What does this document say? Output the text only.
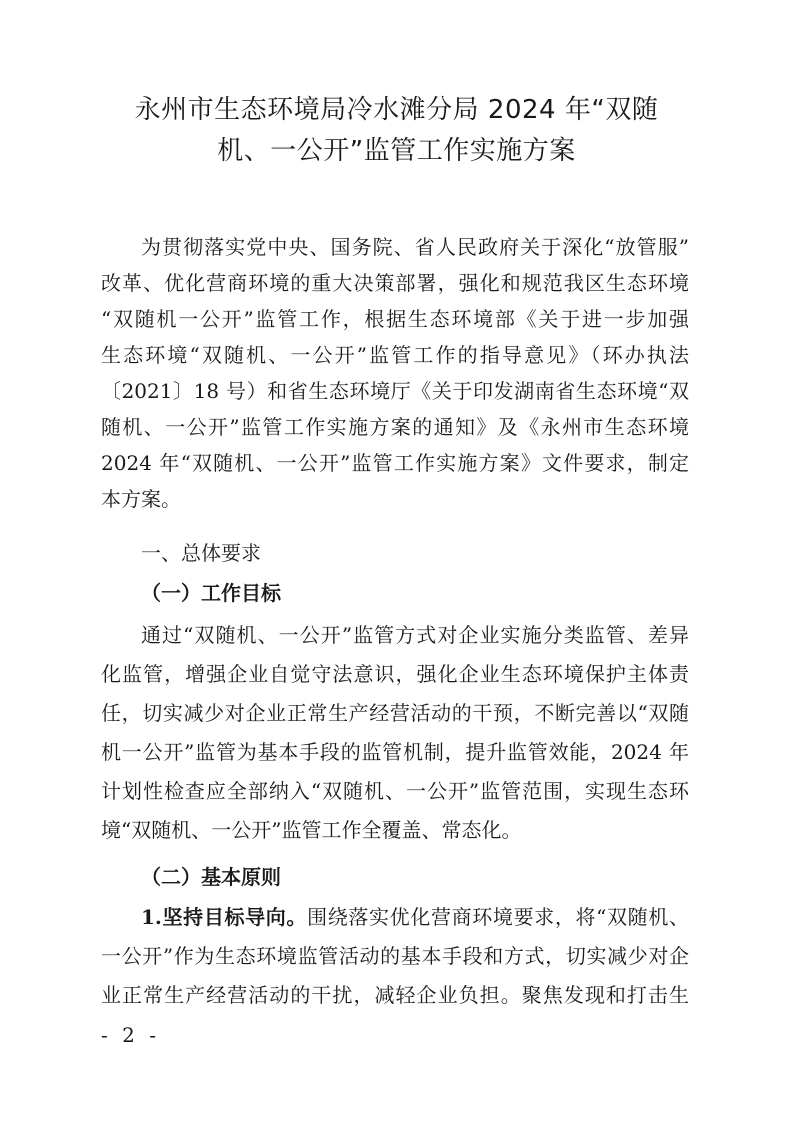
永州市生态环境局冷水滩分局 2024 年“双随
机、一公开”监管工作实施方案
为贯彻落实党中央、国务院、省人民政府关于深化“放管服”
改革、优化营商环境的重大决策部署，强化和规范我区生态环境
“双随机一公开”监管工作，根据生态环境部《关于进一步加强
生态环境“双随机、一公开”监管工作的指导意见》（环办执法
〔2021〕18 号）和省生态环境厅《关于印发湖南省生态环境“双
随机、一公开”监管工作实施方案的通知》及《永州市生态环境
2024 年“双随机、一公开”监管工作实施方案》文件要求，制定
本方案。
一、总体要求
（一）工作目标
通过“双随机、一公开”监管方式对企业实施分类监管、差异
化监管，增强企业自觉守法意识，强化企业生态环境保护主体责
任，切实减少对企业正常生产经营活动的干预，不断完善以“双随
机一公开”监管为基本手段的监管机制，提升监管效能，2024 年
计划性检查应全部纳入“双随机、一公开”监管范围，实现生态环
境“双随机、一公开”监管工作全覆盖、常态化。
（二）基本原则
1.坚持目标导向。围绕落实优化营商环境要求，将“双随机、
一公开”作为生态环境监管活动的基本手段和方式，切实减少对企
业正常生产经营活动的干扰，减轻企业负担。聚焦发现和打击生
- 2 -
